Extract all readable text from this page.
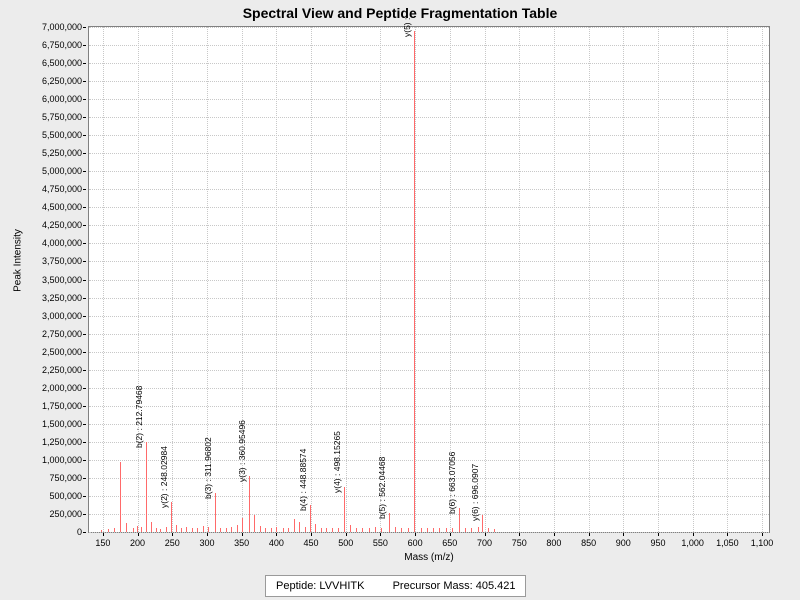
Spectral View and Peptide Fragmentation Table
0
250,000
500,000
750,000
1,000,000
1,250,000
1,500,000
1,750,000
2,000,000
2,250,000
2,500,000
2,750,000
3,000,000
3,250,000
3,500,000
3,750,000
4,000,000
4,250,000
4,500,000
4,750,000
5,000,000
5,250,000
5,500,000
5,750,000
6,000,000
6,250,000
6,500,000
6,750,000
7,000,000
Peak Intensity
b(2) : 212.79468
y(2) : 248.02984	b(3) : 311.96802	y(3) : 360.95496	b(4) : 448.88574	y(4) : 498.15265	b(5) : 562.04468
y(5) :
b(6) : 663.07056 y(6) : 696.0907
150 200 250 300 350 400 450 500 550 600 650 700 750 800 850 900 950 1,000 1,050 1,100
Mass (m/z)
Peptide: LVVHITK	Precursor Mass: 405.421
